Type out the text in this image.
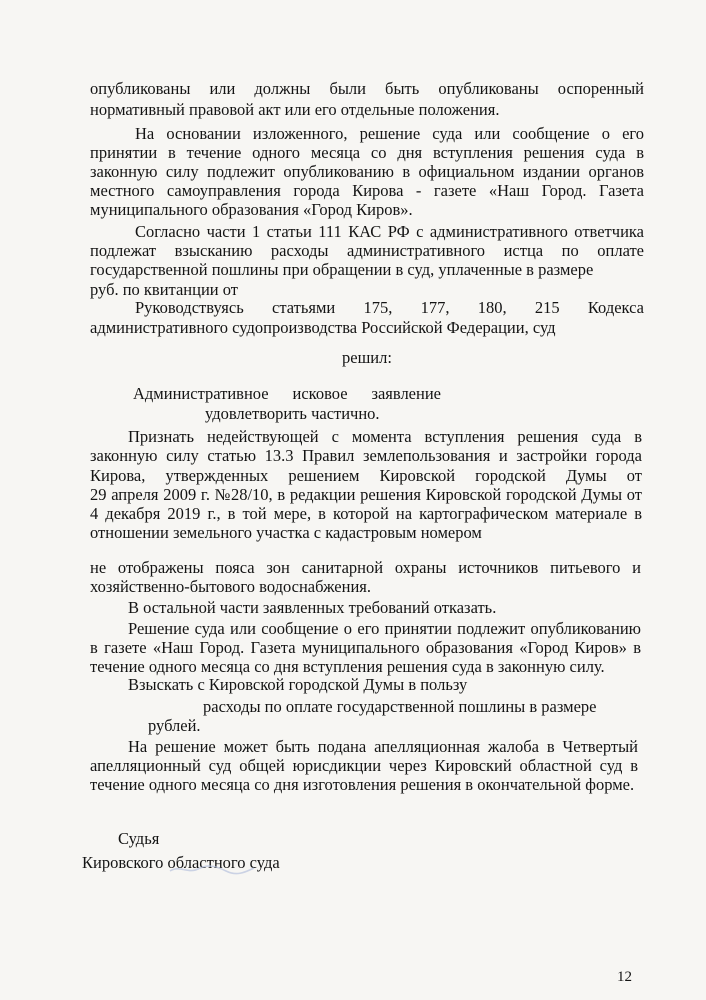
опубликованы или должны были быть опубликованы оспоренный

нормативный правовой акт или его отдельные положения.

На основании изложенного, решение суда или сообщение о его

принятии в течение одного месяца со дня вступления решения суда в

законную силу подлежит опубликованию в официальном издании органов

местного самоуправления города Кирова - газете «Наш Город. Газета

муниципального образования «Город Киров».

Согласно части 1 статьи 111 КАС РФ с административного ответчика

подлежат взысканию расходы административного истца по оплате

государственной пошлины при обращении в суд, уплаченные в размере

руб. по квитанции от

Руководствуясь статьями 175, 177, 180, 215 Кодекса

административного судопроизводства Российской Федерации, суд

решил:

Административное исковое заявление

удовлетворить частично.

Признать недействующей с момента вступления решения суда в

законную силу статью 13.3 Правил землепользования и застройки города

Кирова, утвержденных решением Кировской городской Думы от

29 апреля 2009 г. №28/10, в редакции решения Кировской городской Думы от

4 декабря 2019 г., в той мере, в которой на картографическом материале в

отношении земельного участка с кадастровым номером

не отображены пояса зон санитарной охраны источников питьевого и

хозяйственно-бытового водоснабжения.

В остальной части заявленных требований отказать.

Решение суда или сообщение о его принятии подлежит опубликованию

в газете «Наш Город. Газета муниципального образования «Город Киров» в

течение одного месяца со дня вступления решения суда в законную силу.

Взыскать с Кировской городской Думы в пользу

расходы по оплате государственной пошлины в размере

рублей.

На решение может быть подана апелляционная жалоба в Четвертый

апелляционный суд общей юрисдикции через Кировский областной суд в

течение одного месяца со дня изготовления решения в окончательной форме.

Судья

Кировского областного суда

12
